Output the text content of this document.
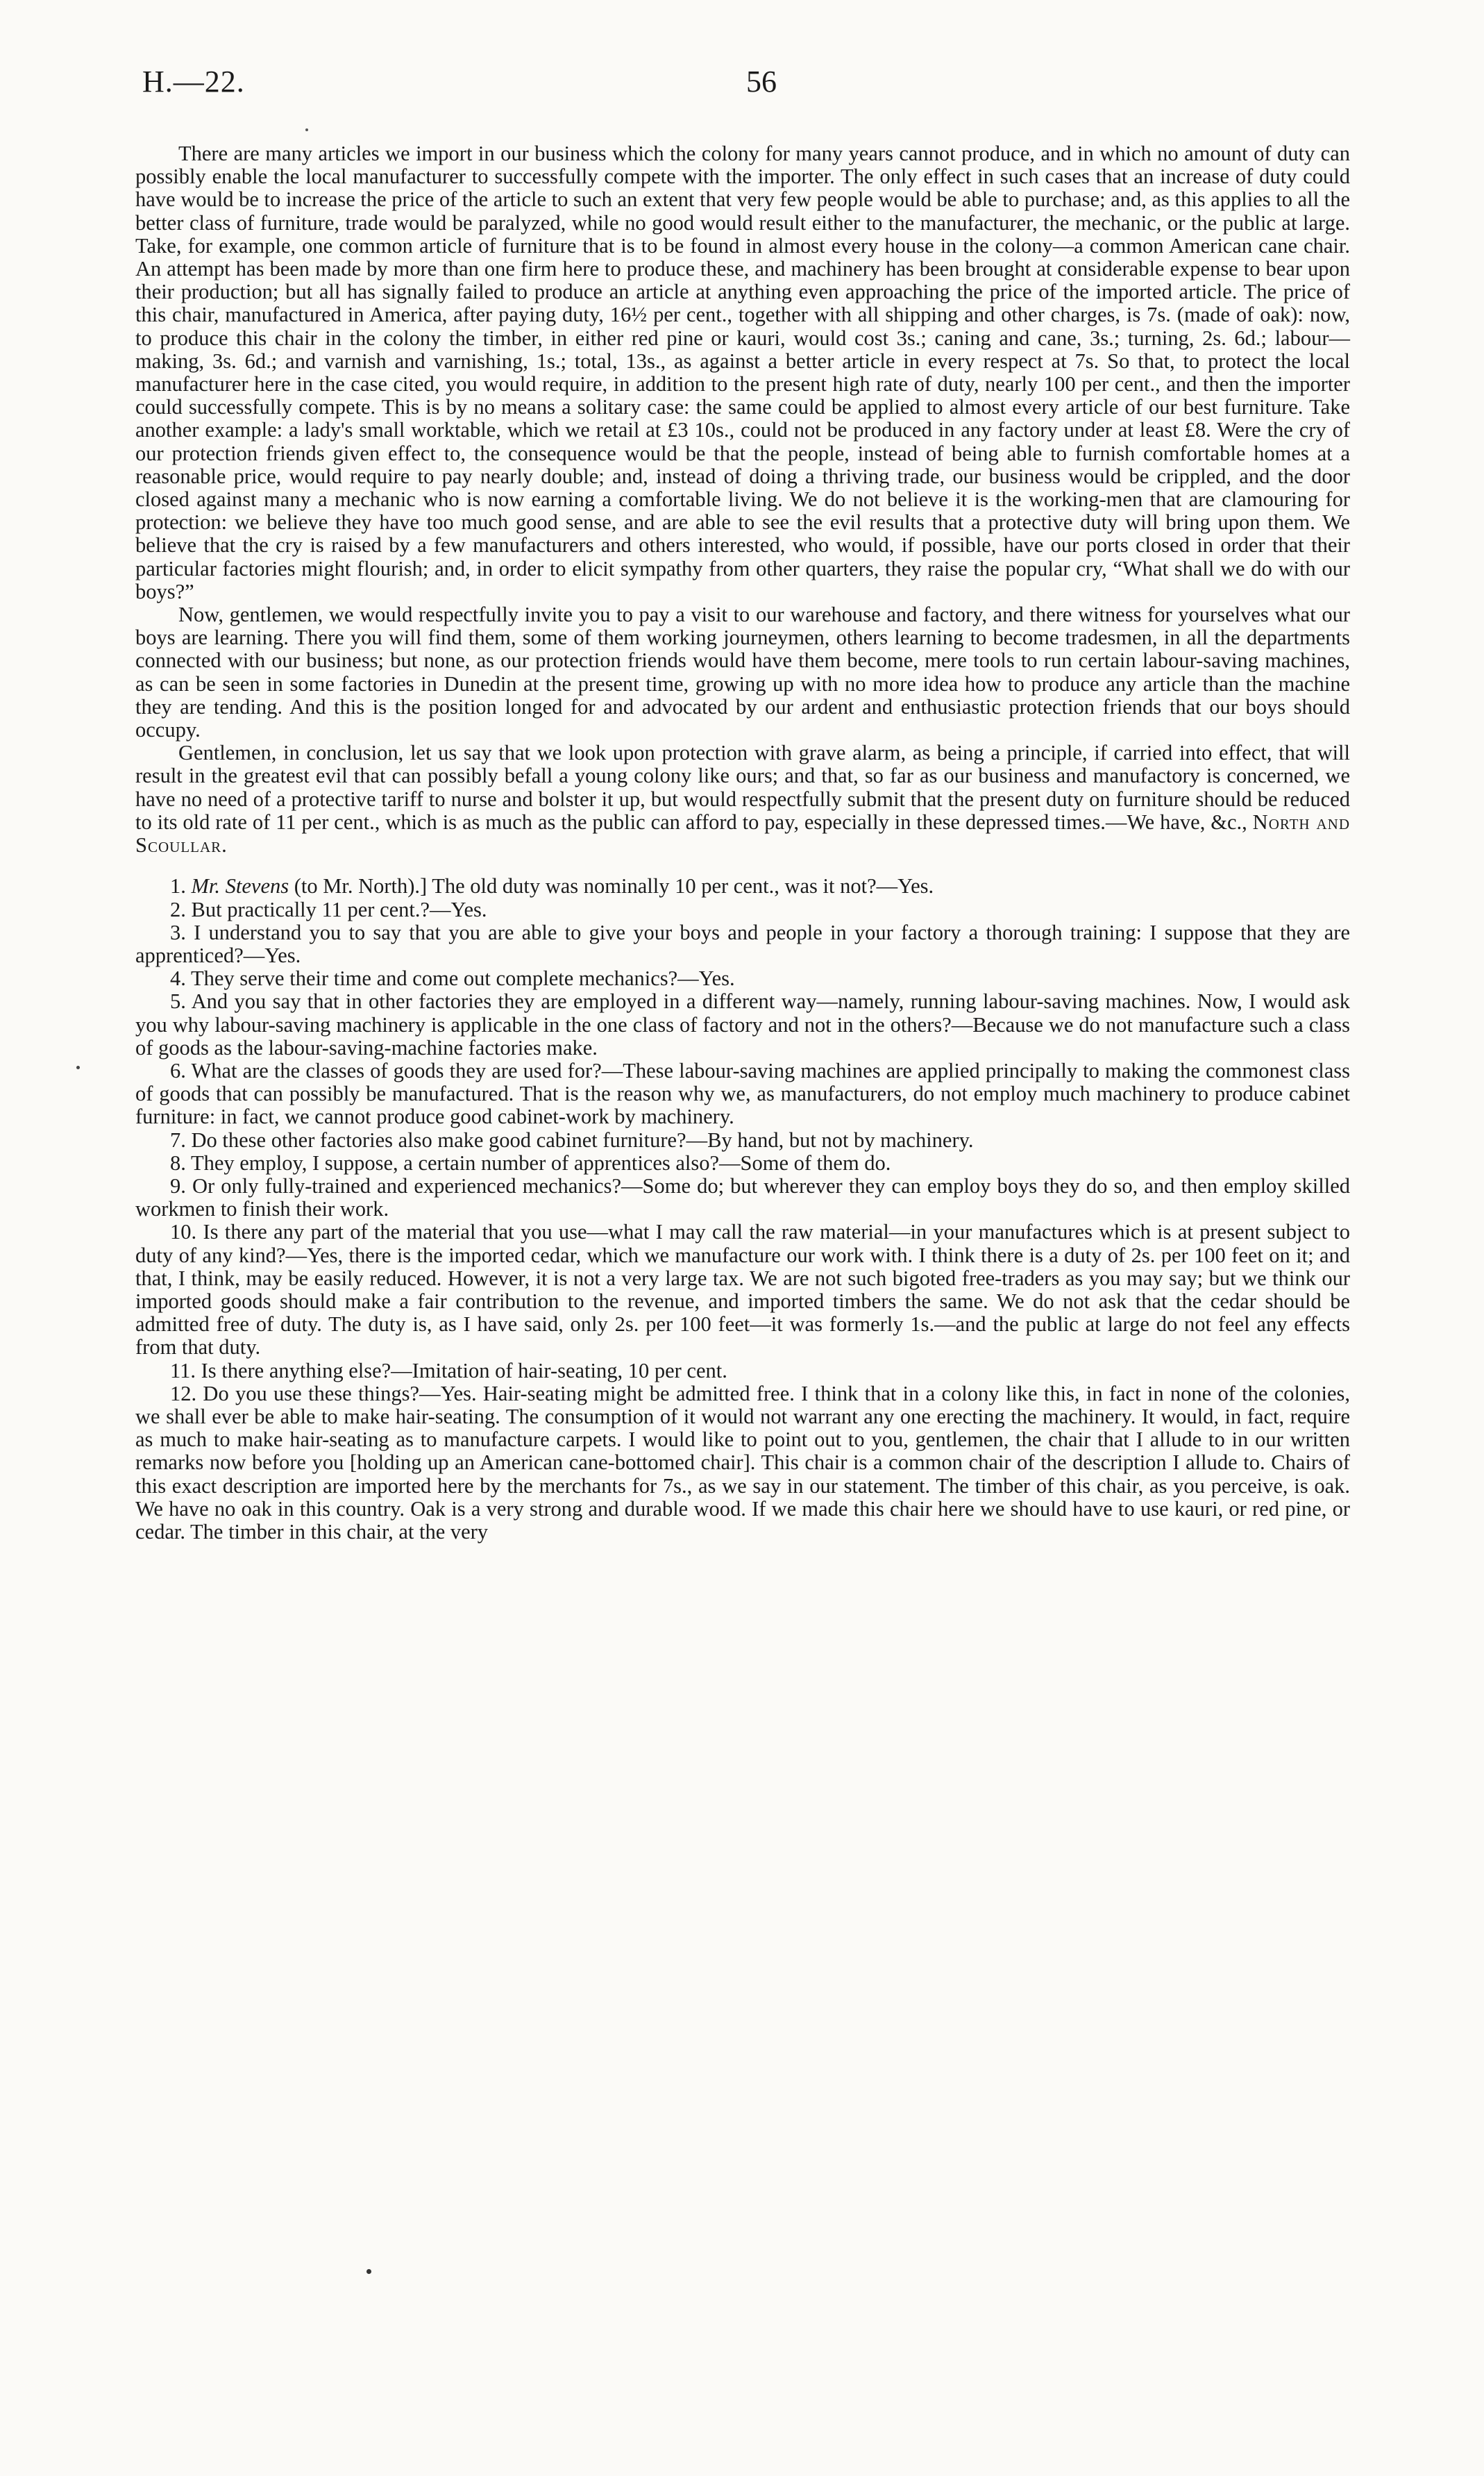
H.—22.	56

There are many articles we import in our business which the colony for many years cannot produce, and in which no amount of duty can possibly enable the local manufacturer to successfully compete with the importer. The only effect in such cases that an increase of duty could have would be to increase the price of the article to such an extent that very few people would be able to purchase; and, as this applies to all the better class of furniture, trade would be paralyzed, while no good would result either to the manufacturer, the mechanic, or the public at large. Take, for example, one common article of furniture that is to be found in almost every house in the colony—a common American cane chair. An attempt has been made by more than one firm here to produce these, and machinery has been brought at considerable expense to bear upon their production; but all has signally failed to produce an article at anything even approaching the price of the imported article. The price of this chair, manufactured in America, after paying duty, 16½ per cent., together with all shipping and other charges, is 7s. (made of oak): now, to produce this chair in the colony the timber, in either red pine or kauri, would cost 3s.; caning and cane, 3s.; turning, 2s. 6d.; labour—making, 3s. 6d.; and varnish and varnishing, 1s.; total, 13s., as against a better article in every respect at 7s. So that, to protect the local manufacturer here in the case cited, you would require, in addition to the present high rate of duty, nearly 100 per cent., and then the importer could successfully compete. This is by no means a solitary case: the same could be applied to almost every article of our best furniture. Take another example: a lady's small worktable, which we retail at £3 10s., could not be produced in any factory under at least £8. Were the cry of our protection friends given effect to, the consequence would be that the people, instead of being able to furnish comfortable homes at a reasonable price, would require to pay nearly double; and, instead of doing a thriving trade, our business would be crippled, and the door closed against many a mechanic who is now earning a comfortable living. We do not believe it is the working-men that are clamouring for protection: we believe they have too much good sense, and are able to see the evil results that a protective duty will bring upon them. We believe that the cry is raised by a few manufacturers and others interested, who would, if possible, have our ports closed in order that their particular factories might flourish; and, in order to elicit sympathy from other quarters, they raise the popular cry, “What shall we do with our boys?”

Now, gentlemen, we would respectfully invite you to pay a visit to our warehouse and factory, and there witness for yourselves what our boys are learning. There you will find them, some of them working journeymen, others learning to become tradesmen, in all the departments connected with our business; but none, as our protection friends would have them become, mere tools to run certain labour-saving machines, as can be seen in some factories in Dunedin at the present time, growing up with no more idea how to produce any article than the machine they are tending. And this is the position longed for and advocated by our ardent and enthusiastic protection friends that our boys should occupy.

Gentlemen, in conclusion, let us say that we look upon protection with grave alarm, as being a principle, if carried into effect, that will result in the greatest evil that can possibly befall a young colony like ours; and that, so far as our business and manufactory is concerned, we have no need of a protective tariff to nurse and bolster it up, but would respectfully submit that the present duty on furniture should be reduced to its old rate of 11 per cent., which is as much as the public can afford to pay, especially in these depressed times.—We have, &c., North and Scoullar.

1. Mr. Stevens (to Mr. North).] The old duty was nominally 10 per cent., was it not?—Yes.

2. But practically 11 per cent.?—Yes.

3. I understand you to say that you are able to give your boys and people in your factory a thorough training: I suppose that they are apprenticed?—Yes.

4. They serve their time and come out complete mechanics?—Yes.

5. And you say that in other factories they are employed in a different way—namely, running labour-saving machines. Now, I would ask you why labour-saving machinery is applicable in the one class of factory and not in the others?—Because we do not manufacture such a class of goods as the labour-saving-machine factories make.

6. What are the classes of goods they are used for?—These labour-saving machines are applied principally to making the commonest class of goods that can possibly be manufactured. That is the reason why we, as manufacturers, do not employ much machinery to produce cabinet furniture: in fact, we cannot produce good cabinet-work by machinery.

7. Do these other factories also make good cabinet furniture?—By hand, but not by machinery.

8. They employ, I suppose, a certain number of apprentices also?—Some of them do.

9. Or only fully-trained and experienced mechanics?—Some do; but wherever they can employ boys they do so, and then employ skilled workmen to finish their work.

10. Is there any part of the material that you use—what I may call the raw material—in your manufactures which is at present subject to duty of any kind?—Yes, there is the imported cedar, which we manufacture our work with. I think there is a duty of 2s. per 100 feet on it; and that, I think, may be easily reduced. However, it is not a very large tax. We are not such bigoted free-traders as you may say; but we think our imported goods should make a fair contribution to the revenue, and imported timbers the same. We do not ask that the cedar should be admitted free of duty. The duty is, as I have said, only 2s. per 100 feet—it was formerly 1s.—and the public at large do not feel any effects from that duty.

11. Is there anything else?—Imitation of hair-seating, 10 per cent.

12. Do you use these things?—Yes. Hair-seating might be admitted free. I think that in a colony like this, in fact in none of the colonies, we shall ever be able to make hair-seating. The consumption of it would not warrant any one erecting the machinery. It would, in fact, require as much to make hair-seating as to manufacture carpets. I would like to point out to you, gentlemen, the chair that I allude to in our written remarks now before you [holding up an American cane-bottomed chair]. This chair is a common chair of the description I allude to. Chairs of this exact description are imported here by the merchants for 7s., as we say in our statement. The timber of this chair, as you perceive, is oak. We have no oak in this country. Oak is a very strong and durable wood. If we made this chair here we should have to use kauri, or red pine, or cedar. The timber in this chair, at the very
